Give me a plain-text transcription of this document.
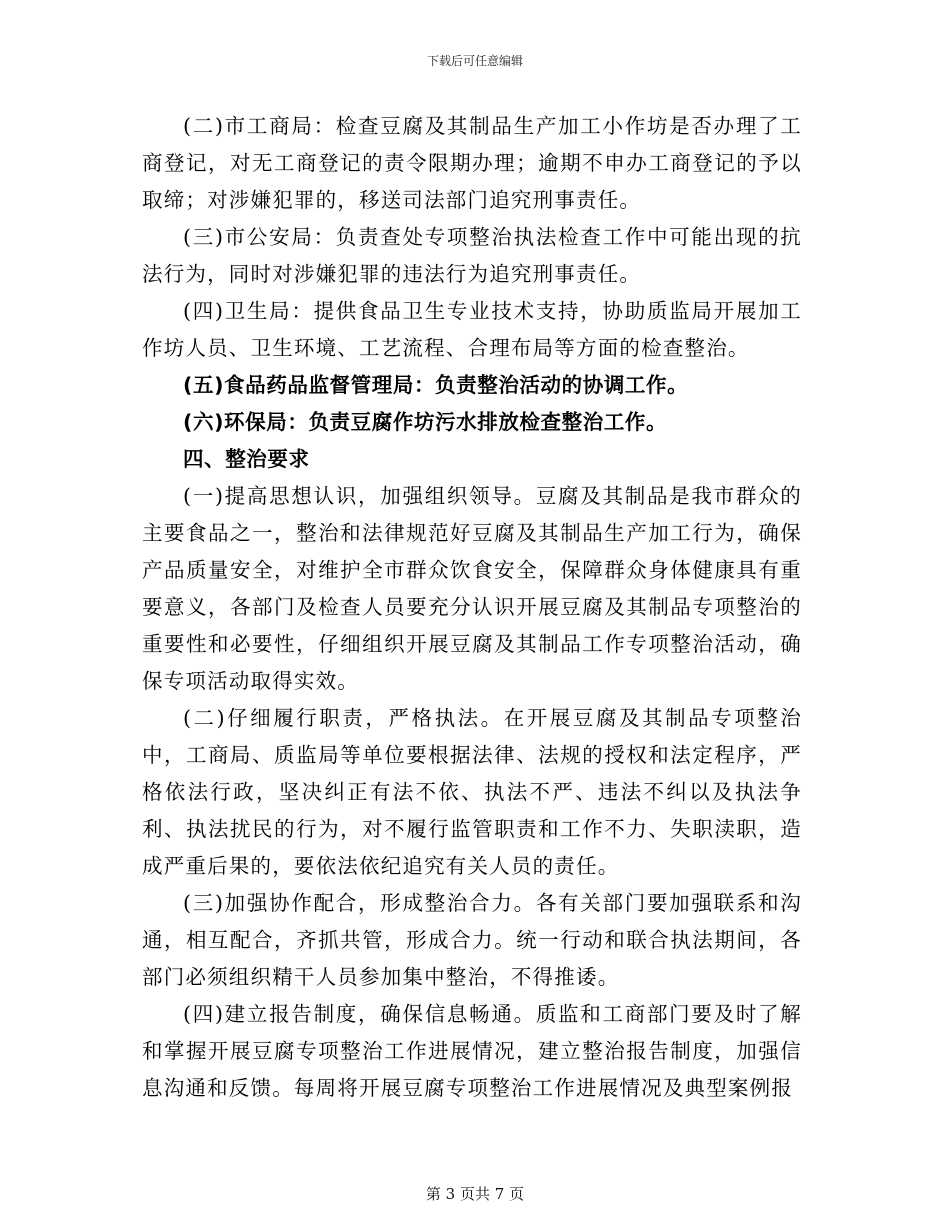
下载后可任意编辑

(二)市工商局：检查豆腐及其制品生产加工小作坊是否办理了工商登记，对无工商登记的责令限期办理；逾期不申办工商登记的予以取缔；对涉嫌犯罪的，移送司法部门追究刑事责任。

(三)市公安局：负责查处专项整治执法检查工作中可能出现的抗法行为，同时对涉嫌犯罪的违法行为追究刑事责任。

(四)卫生局：提供食品卫生专业技术支持，协助质监局开展加工作坊人员、卫生环境、工艺流程、合理布局等方面的检查整治。

(五)食品药品监督管理局：负责整治活动的协调工作。

(六)环保局：负责豆腐作坊污水排放检查整治工作。

四、整治要求

(一)提高思想认识，加强组织领导。豆腐及其制品是我市群众的主要食品之一，整治和法律规范好豆腐及其制品生产加工行为，确保产品质量安全，对维护全市群众饮食安全，保障群众身体健康具有重要意义，各部门及检查人员要充分认识开展豆腐及其制品专项整治的重要性和必要性，仔细组织开展豆腐及其制品工作专项整治活动，确保专项活动取得实效。

(二)仔细履行职责，严格执法。在开展豆腐及其制品专项整治中，工商局、质监局等单位要根据法律、法规的授权和法定程序，严格依法行政，坚决纠正有法不依、执法不严、违法不纠以及执法争利、执法扰民的行为，对不履行监管职责和工作不力、失职渎职，造成严重后果的，要依法依纪追究有关人员的责任。

(三)加强协作配合，形成整治合力。各有关部门要加强联系和沟通，相互配合，齐抓共管，形成合力。统一行动和联合执法期间，各部门必须组织精干人员参加集中整治，不得推诿。

(四)建立报告制度，确保信息畅通。质监和工商部门要及时了解和掌握开展豆腐专项整治工作进展情况，建立整治报告制度，加强信息沟通和反馈。每周将开展豆腐专项整治工作进展情况及典型案例报

第 3 页共 7 页
